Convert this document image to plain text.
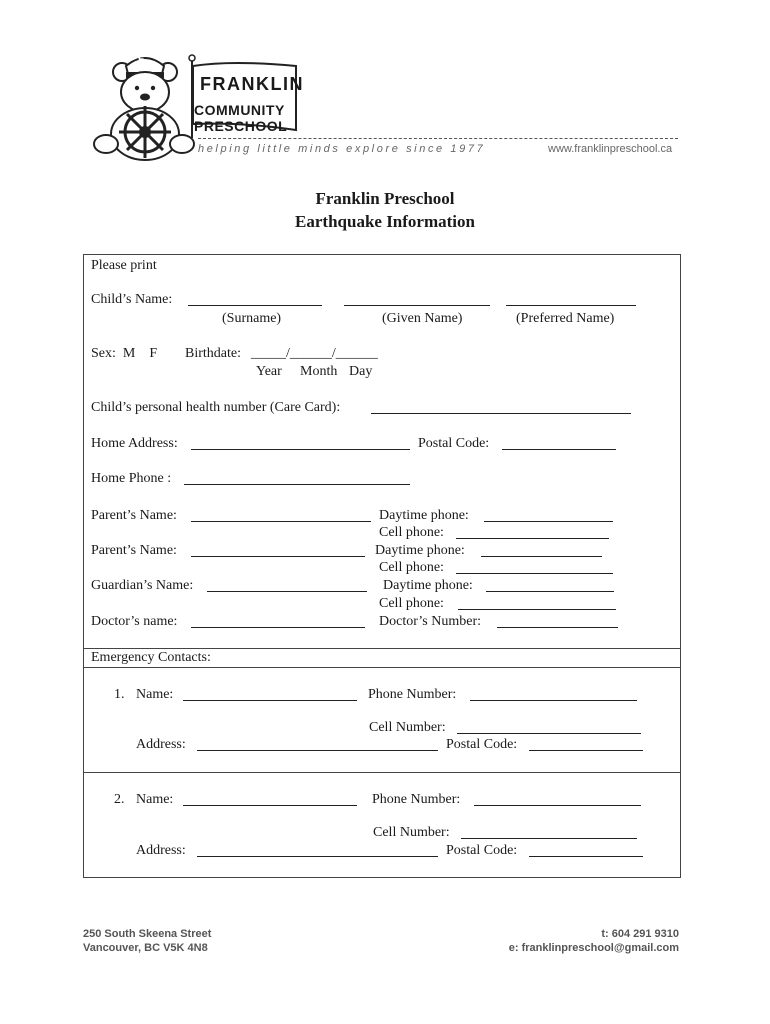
F
FRANKLIN
COMMUNITY
PRESCHOOL
helping little minds explore since 1977	www.franklinpreschool.ca
Franklin Preschool
Earthquake Information
Please print
Child’s Name:
(Surname)	(Given Name)	(Preferred Name)
Sex:  M    F Birthdate: _____/______/______
Year Month Day
Child’s personal health number (Care Card):
Home Address:	Postal Code:
Home Phone :
Parent’s Name:	Daytime phone:
Cell phone:
Parent’s Name:	Daytime phone:
Cell phone:
Guardian’s Name:	Daytime phone:
Cell phone:
Doctor’s name:	Doctor’s Number:
Emergency Contacts:
1. Name:	Phone Number:
Cell Number:
Address:	Postal Code:
2. Name:	Phone Number:
Cell Number:
Address:	Postal Code:
250 South Skeena Street
Vancouver, BC V5K 4N8
t: 604 291 9310
e: franklinpreschool@gmail.com
